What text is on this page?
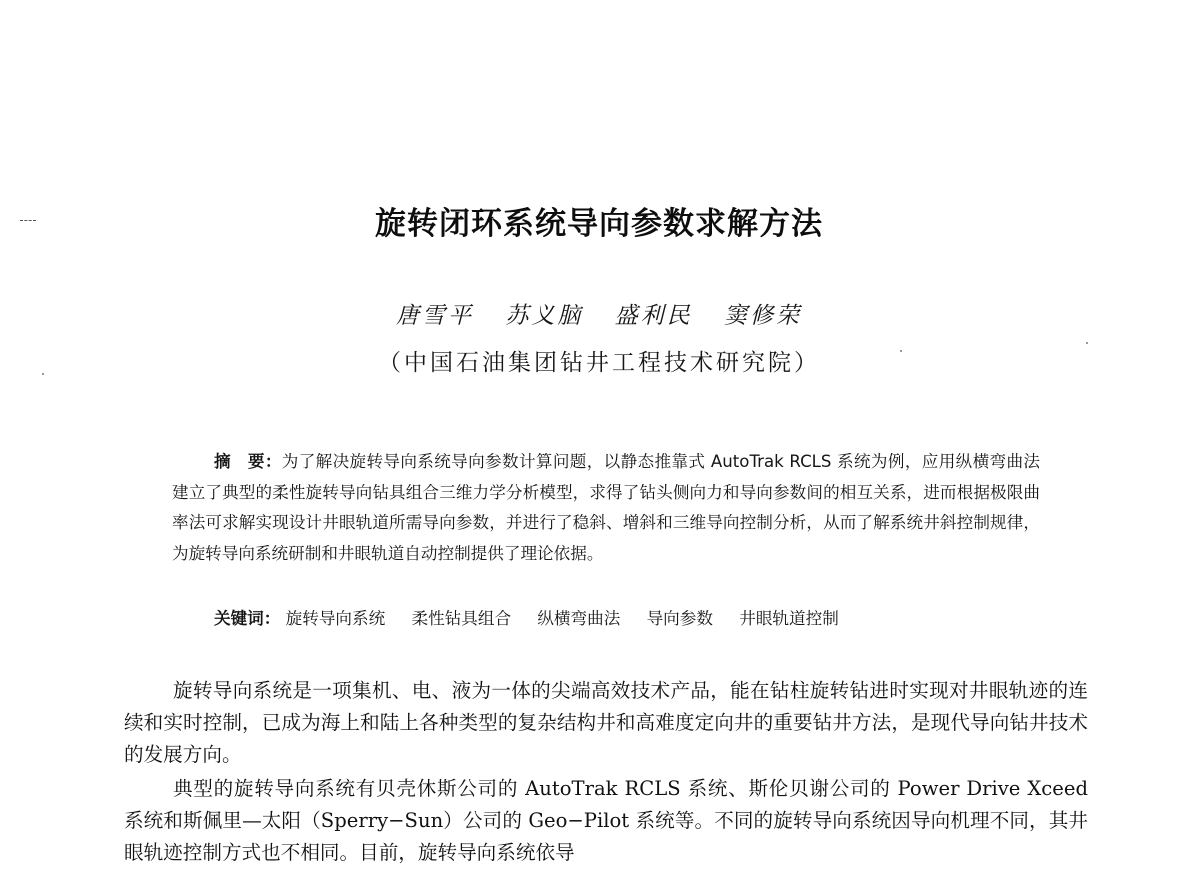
旋转闭环系统导向参数求解方法
唐雪平 苏义脑 盛利民 窦修荣
（中国石油集团钻井工程技术研究院）
摘　要：为了解决旋转导向系统导向参数计算问题，以静态推靠式 AutoTrak RCLS 系统为例，应用纵横弯曲法建立了典型的柔性旋转导向钻具组合三维力学分析模型，求得了钻头侧向力和导向参数间的相互关系，进而根据极限曲率法可求解实现设计井眼轨道所需导向参数，并进行了稳斜、增斜和三维导向控制分析，从而了解系统井斜控制规律，为旋转导向系统研制和井眼轨道自动控制提供了理论依据。
关键词： 旋转导向系统 柔性钻具组合 纵横弯曲法 导向参数 井眼轨道控制

旋转导向系统是一项集机、电、液为一体的尖端高效技术产品，能在钻柱旋转钻进时实现对井眼轨迹的连续和实时控制，已成为海上和陆上各种类型的复杂结构井和高难度定向井的重要钻井方法，是现代导向钻井技术的发展方向。

典型的旋转导向系统有贝壳休斯公司的 AutoTrak RCLS 系统、斯伦贝谢公司的 Power Drive Xceed 系统和斯佩里—太阳（Sperry−Sun）公司的 Geo−Pilot 系统等。不同的旋转导向系统因导向机理不同，其井眼轨迹控制方式也不相同。目前，旋转导向系统依导
